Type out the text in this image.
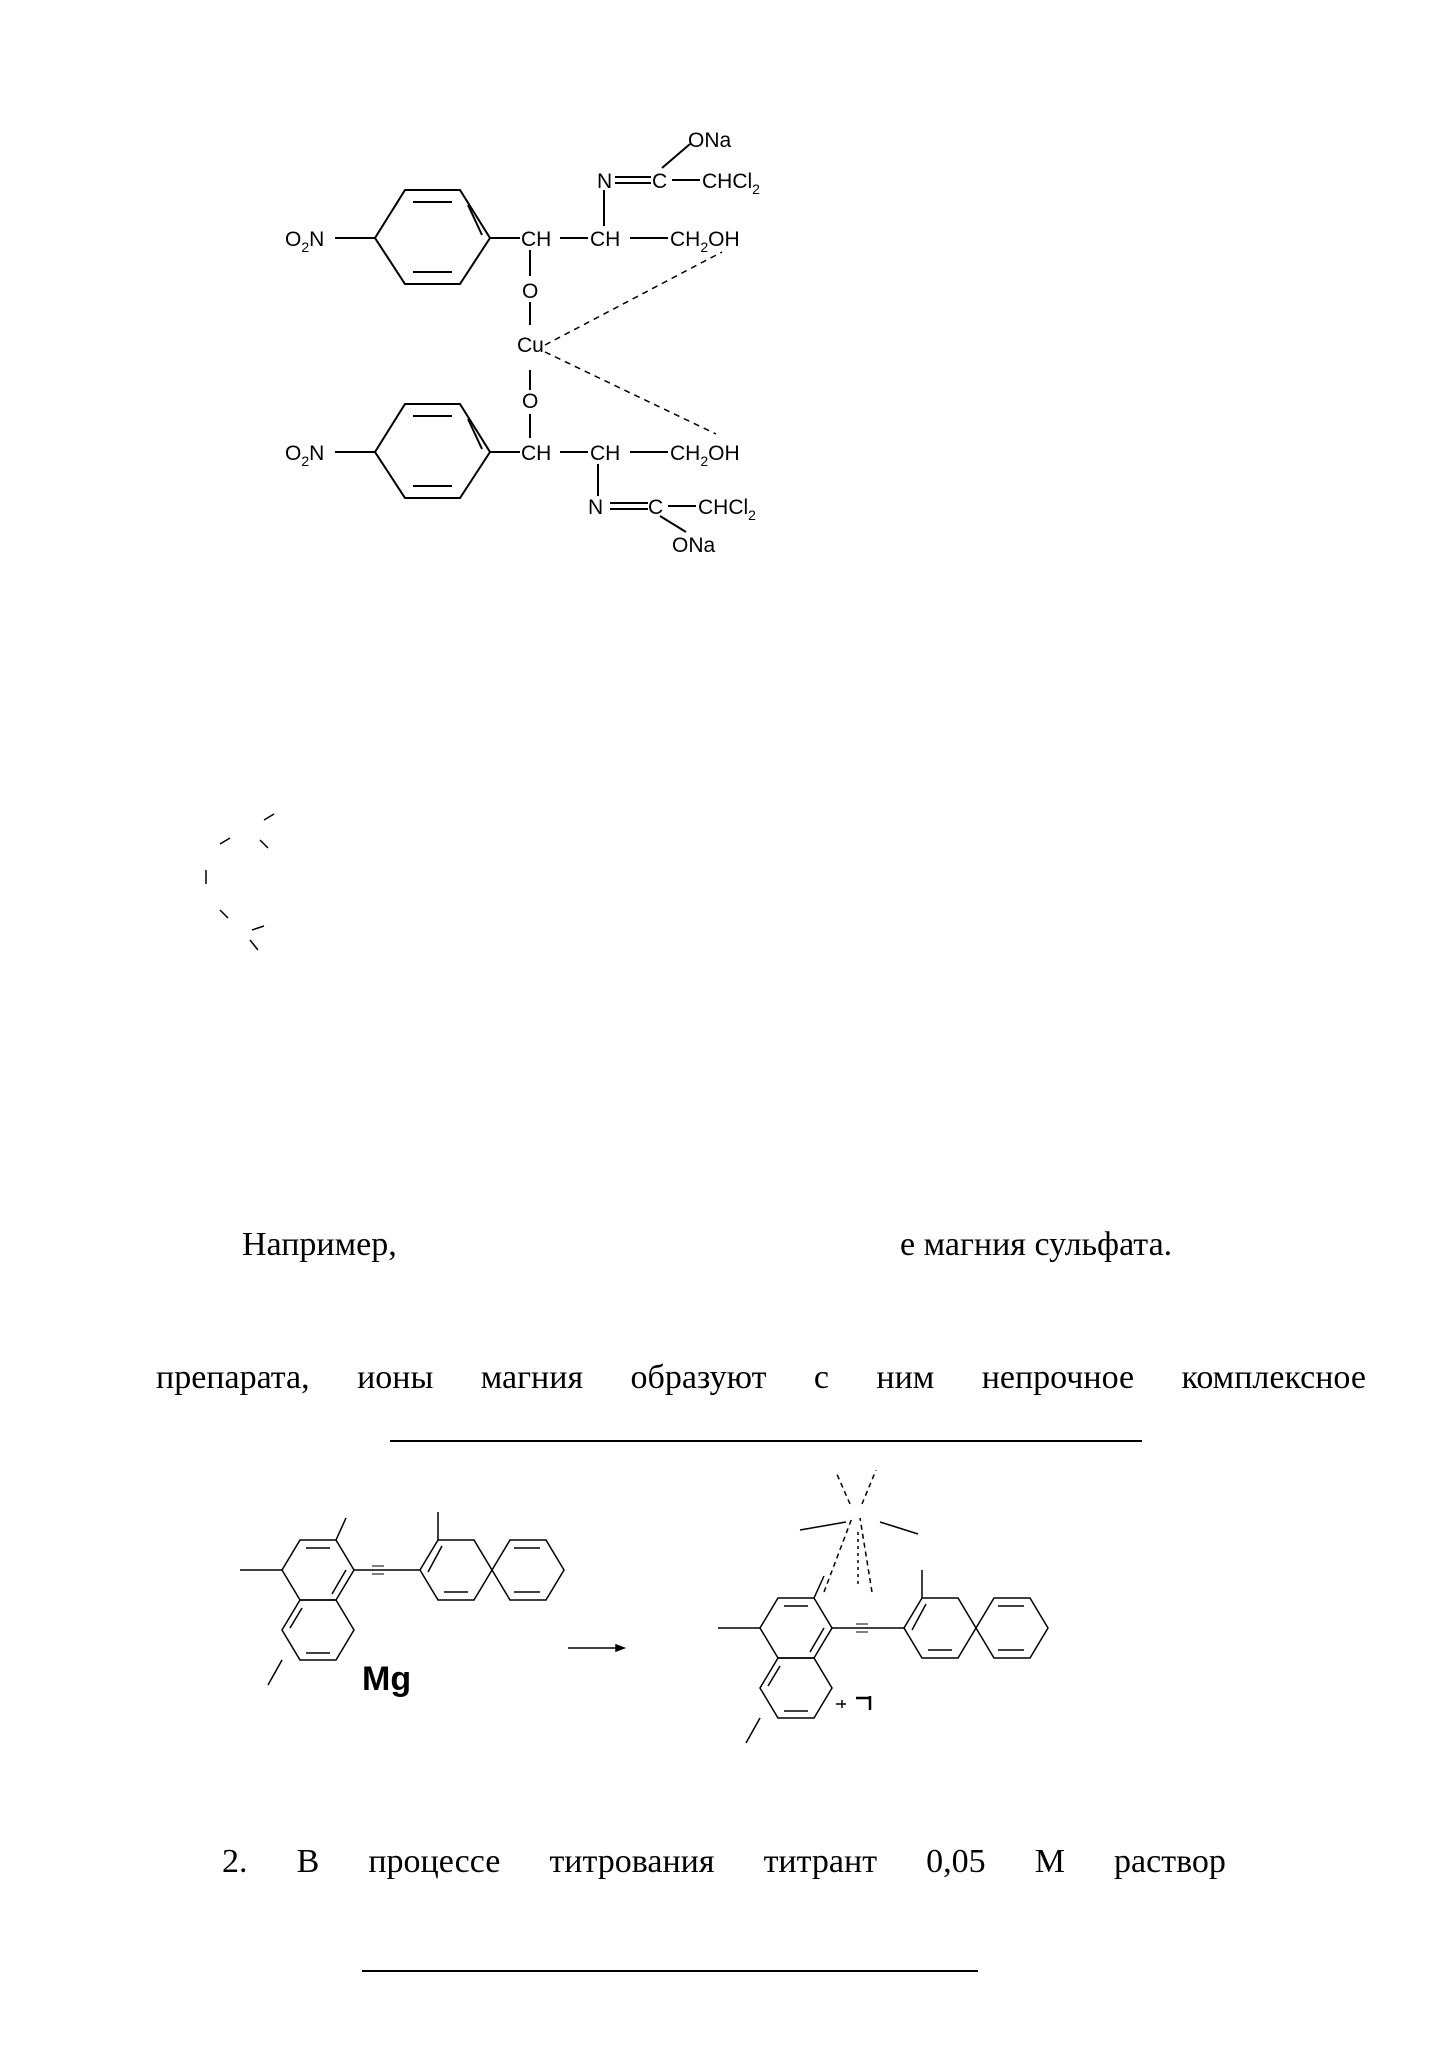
ONa
N C CHCl$_2$
$O_2N$	CH CH $CH_2OH$
O
Cu
O
$O_2N$	CH CH $CH_2OH$
N C CHCl$_2$
ONa
Например,	е магния сульфата.
препарата, ионы магния образуют с ним непрочное комплексное
Mg
2. В процессе титрования титрант 0,05 М раствор
